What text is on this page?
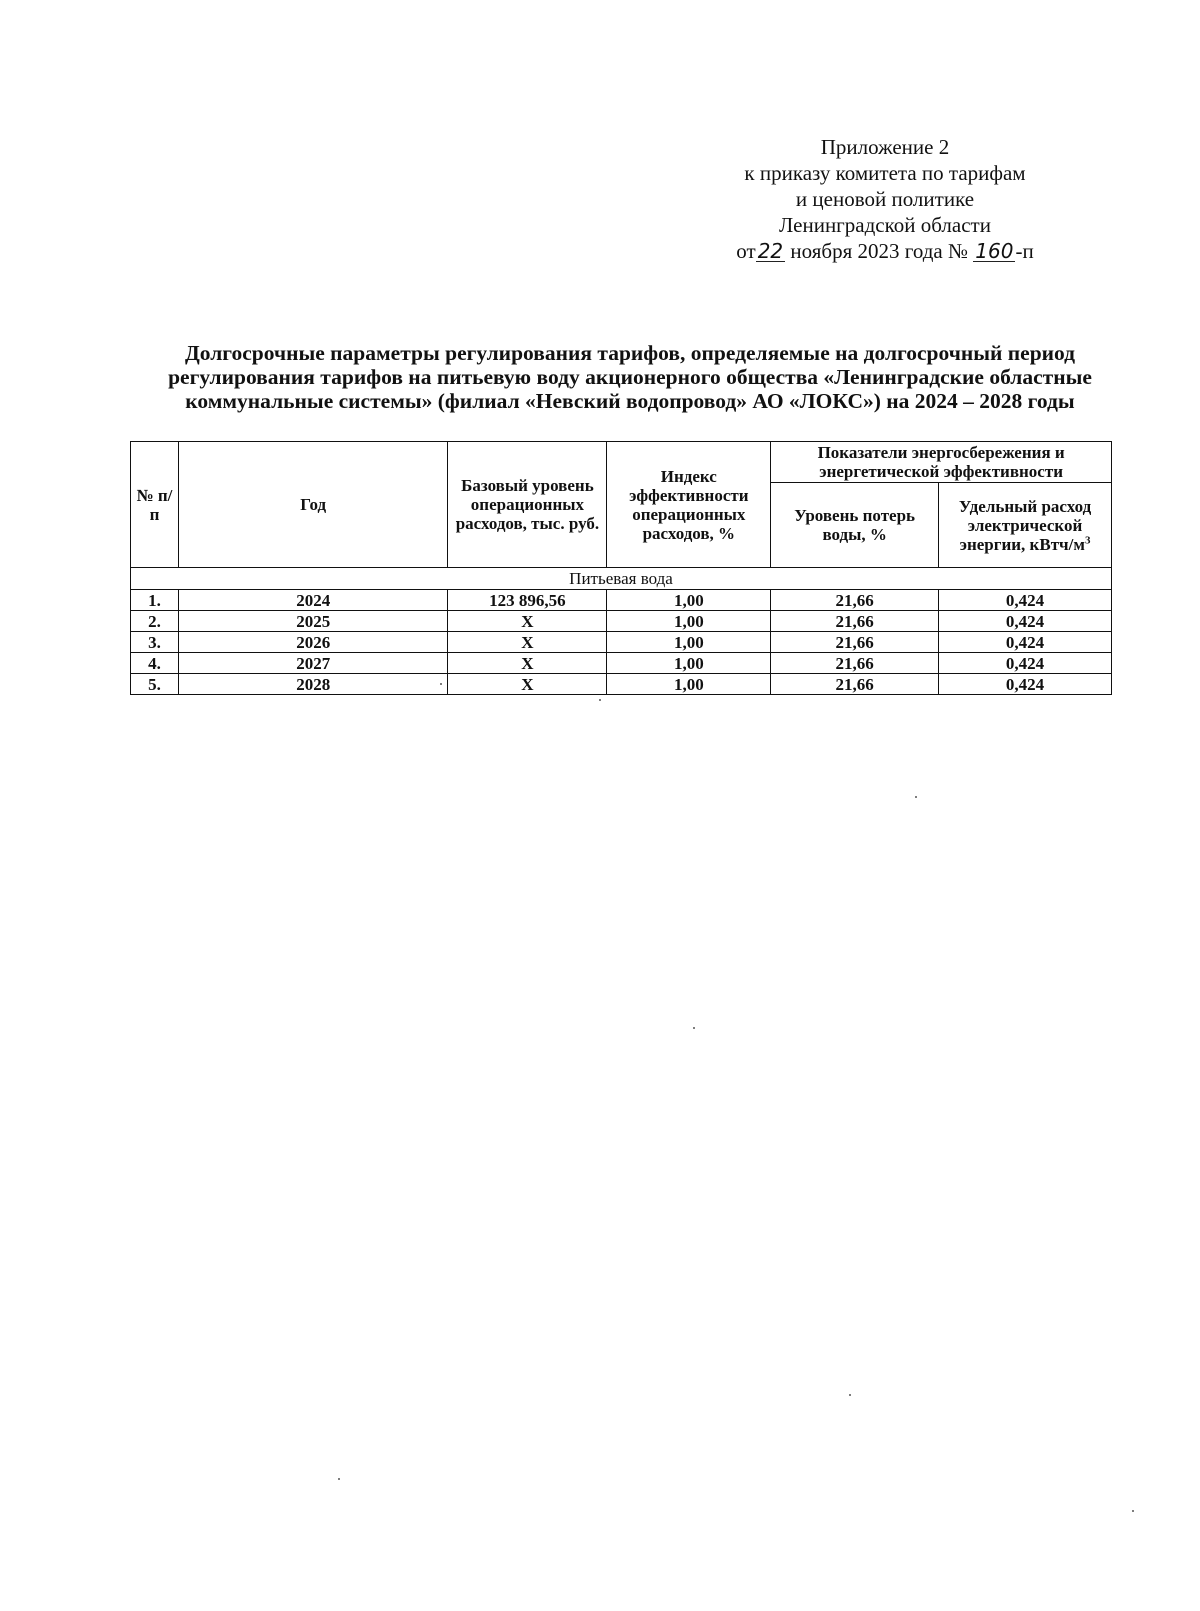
Приложение 2
к приказу комитета по тарифам
и ценовой политике
Ленинградской области
от 22 ноября 2023 года № 160-п
Долгосрочные параметры регулирования тарифов, определяемые на долгосрочный период
регулирования тарифов на питьевую воду акционерного общества «Ленинградские областные
коммунальные системы» (филиал «Невский водопровод» АО «ЛОКС») на 2024 – 2028 годы
№ п/п	Год	Базовый уровень операционных расходов, тыс. руб.	Индекс эффективности операционных расходов, %	Показатели энергосбережения и энергетической эффективности	
				Уровень потерь воды, %	Удельный расход электрической энергии, кВтч/$м^3$
Питьевая вода					
1.	2024	123 896,56	1,00	21,66	0,424
2.	2025	Х	1,00	21,66	0,424
3.	2026	Х	1,00	21,66	0,424
4.	2027	Х	1,00	21,66	0,424
5.	2028	Х	1,00	21,66	0,424
